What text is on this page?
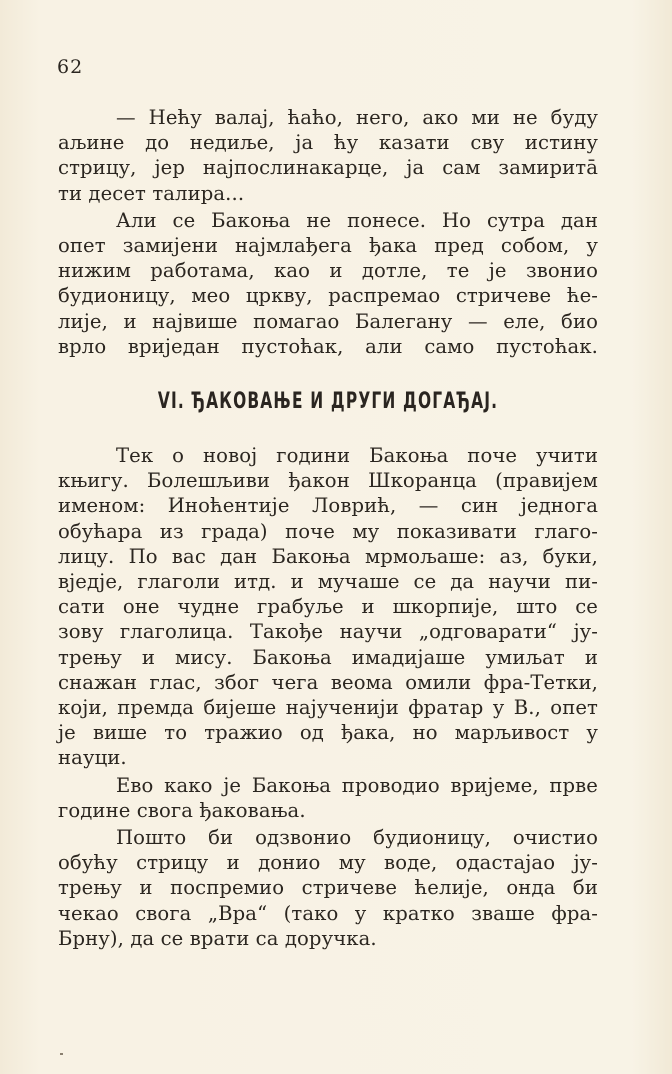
62

— Нећу валај, ћаћо, него, ако ми не буду
аљине до недиље, ја ћу казати сву истину
стрицу, јер најпослинакарце, ја сам замиритā
ти десет талира...

Али се Бакоња не понесе. Но сутра дан
опет замијени најмлађега ђака пред собом, у
нижим работама, као и дотле, те је звонио
будионицу, мео цркву, распремао стричеве ће-
лије, и највише помагао Балегану — еле, био
врло вриједан пустоћак, али само пустоћак.

VI. ЂАКОВАЊЕ И ДРУГИ ДОГАЂАЈ.

Тек о новој години Бакоња поче учити
књигу. Болешљиви ђакон Шкоранца (правијем
именом: Иноћентије Ловрић, — син једнога
обућара из града) поче му показивати глаго-
лицу. По вас дан Бакоња мрмољаше: аз, буки,
вједје, глаголи итд. и мучаше се да научи пи-
сати оне чудне грабуље и шкорпије, што се
зову глаголица. Такође научи „одговарати“ ју-
трењу и мису. Бакоња имадијаше умиљат и
снажан глас, због чега веома омили фра-Тетки,
који, премда бијеше најученији фратар у В., опет
је више то тражио од ђака, но марљивост у
науци.

Ево како је Бакоња проводио вријеме, прве
године свога ђаковања.

Пошто би одзвонио будионицу, очистио
обућу стрицу и донио му воде, одастајао ју-
трењу и поспремио стричеве ћелије, онда би
чекао свога „Вра“ (тако у кратко зваше фра-
Брну), да се врати са доручка.
